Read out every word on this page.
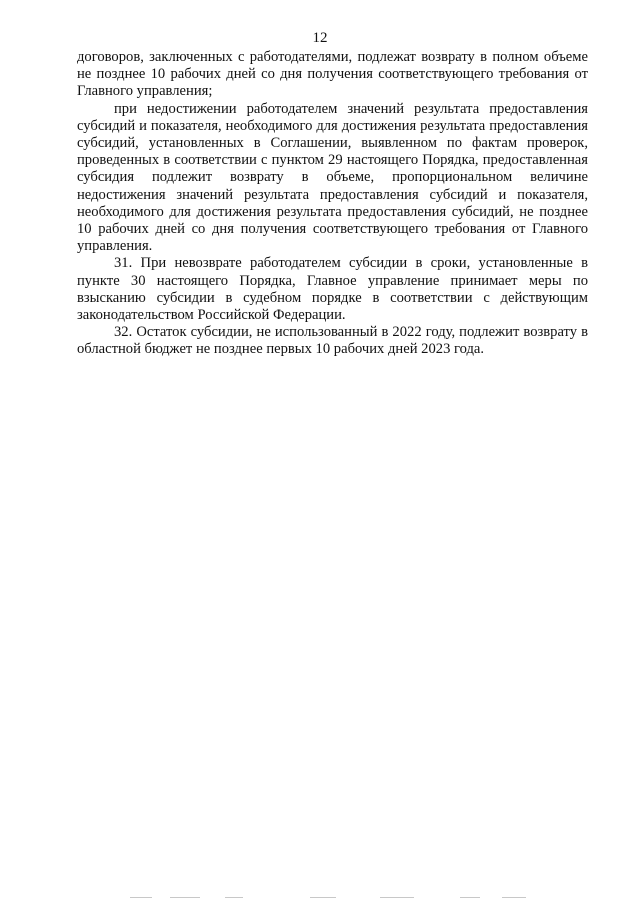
12

договоров, заключенных с работодателями, подлежат возврату в полном объеме не позднее 10 рабочих дней со дня получения соответствующего требования от Главного управления;

при недостижении работодателем значений результата предоставления субсидий и показателя, необходимого для достижения результата предоставления субсидий, установленных в Соглашении, выявленном по фактам проверок, проведенных в соответствии с пунктом 29 настоящего Порядка, предоставленная субсидия подлежит возврату в объеме, пропорциональном величине недостижения значений результата предоставления субсидий и показателя, необходимого для достижения результата предоставления субсидий, не позднее 10 рабочих дней со дня получения соответствующего требования от Главного управления.

31. При невозврате работодателем субсидии в сроки, установленные в пункте 30 настоящего Порядка, Главное управление принимает меры по взысканию субсидии в судебном порядке в соответствии с действующим законодательством Российской Федерации.

32. Остаток субсидии, не использованный в 2022 году, подлежит возврату в областной бюджет не позднее первых 10 рабочих дней 2023 года.
